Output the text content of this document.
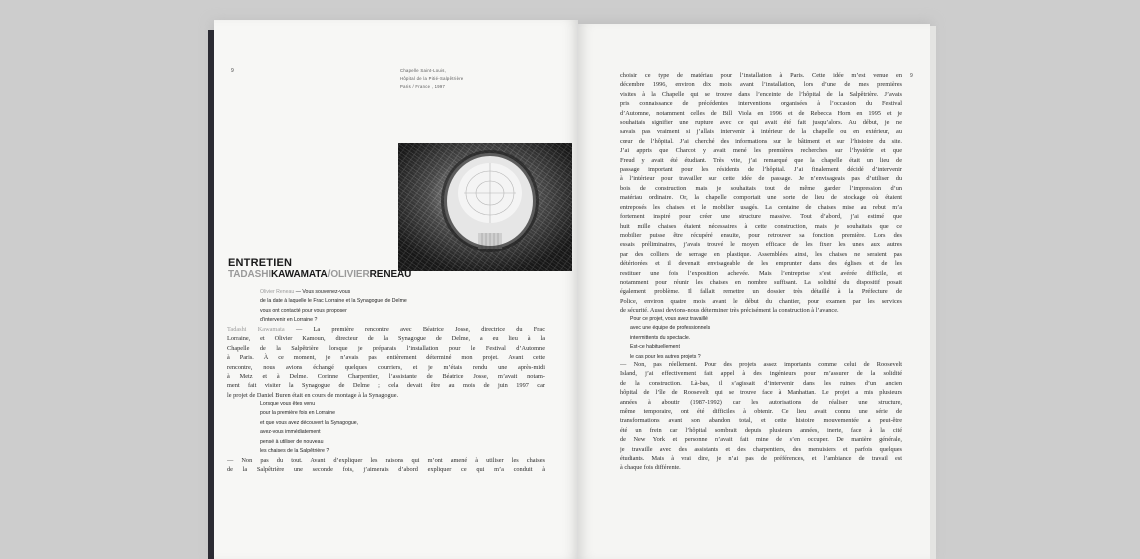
9	Chapelle Saint-Louis,
Hôpital de la Pitié-Salpêtrière
Paris / France , 1997
ENTRETIEN
TADASHIKAWAMATA/OLIVIERRENEAU
Olivier Reneau — Vous souvenez-vous
de la date à laquelle le Frac Lorraine et la Synagogue de Delme
vous ont contacté pour vous proposer
d’intervenir en Lorraine ?
Tadashi Kawamata — La première rencontre avec Béatrice Josse, directrice du Frac
Lorraine, et Olivier Kamoun, directeur de la Synagogue de Delme, a eu lieu à la
Chapelle de la Salpêtrière lorsque je préparais l’installation pour le Festival d’Automne
à Paris. À ce moment, je n’avais pas entièrement déterminé mon projet. Avant cette
rencontre, nous avions échangé quelques courriers, et je m’étais rendu une après-midi
à Metz et à Delme. Corinne Charpentier, l’assistante de Béatrice Josse, m’avait notam-
ment fait visiter la Synagogue de Delme ; cela devait être au mois de juin 1997 car
le projet de Daniel Buren était en cours de montage à la Synagogue.
Lorsque vous êtes venu
pour la première fois en Lorraine
et que vous avez découvert la Synagogue,
avez-vous immédiatement
pensé à utiliser de nouveau
les chaises de la Salpêtrière ?
— Non pas du tout. Avant d’expliquer les raisons qui m’ont amené à utiliser les chaises
de la Salpêtrière une seconde fois, j’aimerais d’abord expliquer ce qui m’a conduit à
9
choisir ce type de matériau pour l’installation à Paris. Cette idée m’est venue en
décembre 1996, environ dix mois avant l’installation, lors d’une de mes premières
visites à la Chapelle qui se trouve dans l’enceinte de l’hôpital de la Salpêtrière. J’avais
pris connaissance de précédentes interventions organisées à l’occasion du Festival
d’Automne, notamment celles de Bill Viola en 1996 et de Rebecca Horn en 1995 et je
souhaitais signifier une rupture avec ce qui avait été fait jusqu’alors. Au début, je ne
savais pas vraiment si j’allais intervenir à intérieur de la chapelle ou en extérieur, au
cœur de l’hôpital. J’ai cherché des informations sur le bâtiment et sur l’histoire du site.
J’ai appris que Charcot y avait mené les premières recherches sur l’hystérie et que
Freud y avait été étudiant. Très vite, j’ai remarqué que la chapelle était un lieu de
passage important pour les résidents de l’hôpital. J’ai finalement décidé d’intervenir
à l’intérieur pour travailler sur cette idée de passage. Je n’envisageais pas d’utiliser du
bois de construction mais je souhaitais tout de même garder l’impression d’un
matériau ordinaire. Or, la chapelle comportait une sorte de lieu de stockage où étaient
entreposés les chaises et le mobilier usagés. La centaine de chaises mise au rebut m’a
fortement inspiré pour créer une structure massive. Tout d’abord, j’ai estimé que
huit mille chaises étaient nécessaires à cette construction, mais je souhaitais que ce
mobilier puisse être récupéré ensuite, pour retrouver sa fonction première. Lors des
essais préliminaires, j’avais trouvé le moyen efficace de les fixer les unes aux autres
par des colliers de serrage en plastique. Assemblées ainsi, les chaises ne seraient pas
détériorées et il devenait envisageable de les emprunter dans des églises et de les
restituer une fois l’exposition achevée. Mais l’entreprise s’est avérée difficile, et
notamment pour réunir les chaises en nombre suffisant. La solidité du dispositif posait
également problème. Il fallait remettre un dossier très détaillé à la Préfecture de
Police, environ quatre mois avant le début du chantier, pour examen par les services
de sécurité. Aussi devions-nous déterminer très précisément la construction à l’avance.
Pour ce projet, vous avez travaillé
avec une équipe de professionnels
intermittents du spectacle.
Est-ce habituellement
le cas pour les autres projets ?
— Non, pas réellement. Pour des projets assez importants comme celui de Roosevelt
Island, j’ai effectivement fait appel à des ingénieurs pour m’assurer de la solidité
de la construction. Là-bas, il s’agissait d’intervenir dans les ruines d’un ancien
hôpital de l’île de Roosevelt qui se trouve face à Manhattan. Le projet a mis plusieurs
années à aboutir (1987-1992) car les autorisations de réaliser une structure,
même temporaire, ont été difficiles à obtenir. Ce lieu avait connu une série de
transformations avant son abandon total, et cette histoire mouvementée a peut-être
été un frein car l’hôpital sombrait depuis plusieurs années, inerte, face à la cité
de New York et personne n’avait fait mine de s’en occuper. De manière générale,
je travaille avec des assistants et des charpentiers, des menuisiers et parfois quelques
étudiants. Mais à vrai dire, je n’ai pas de préférences, et l’ambiance de travail est
à chaque fois différente.
